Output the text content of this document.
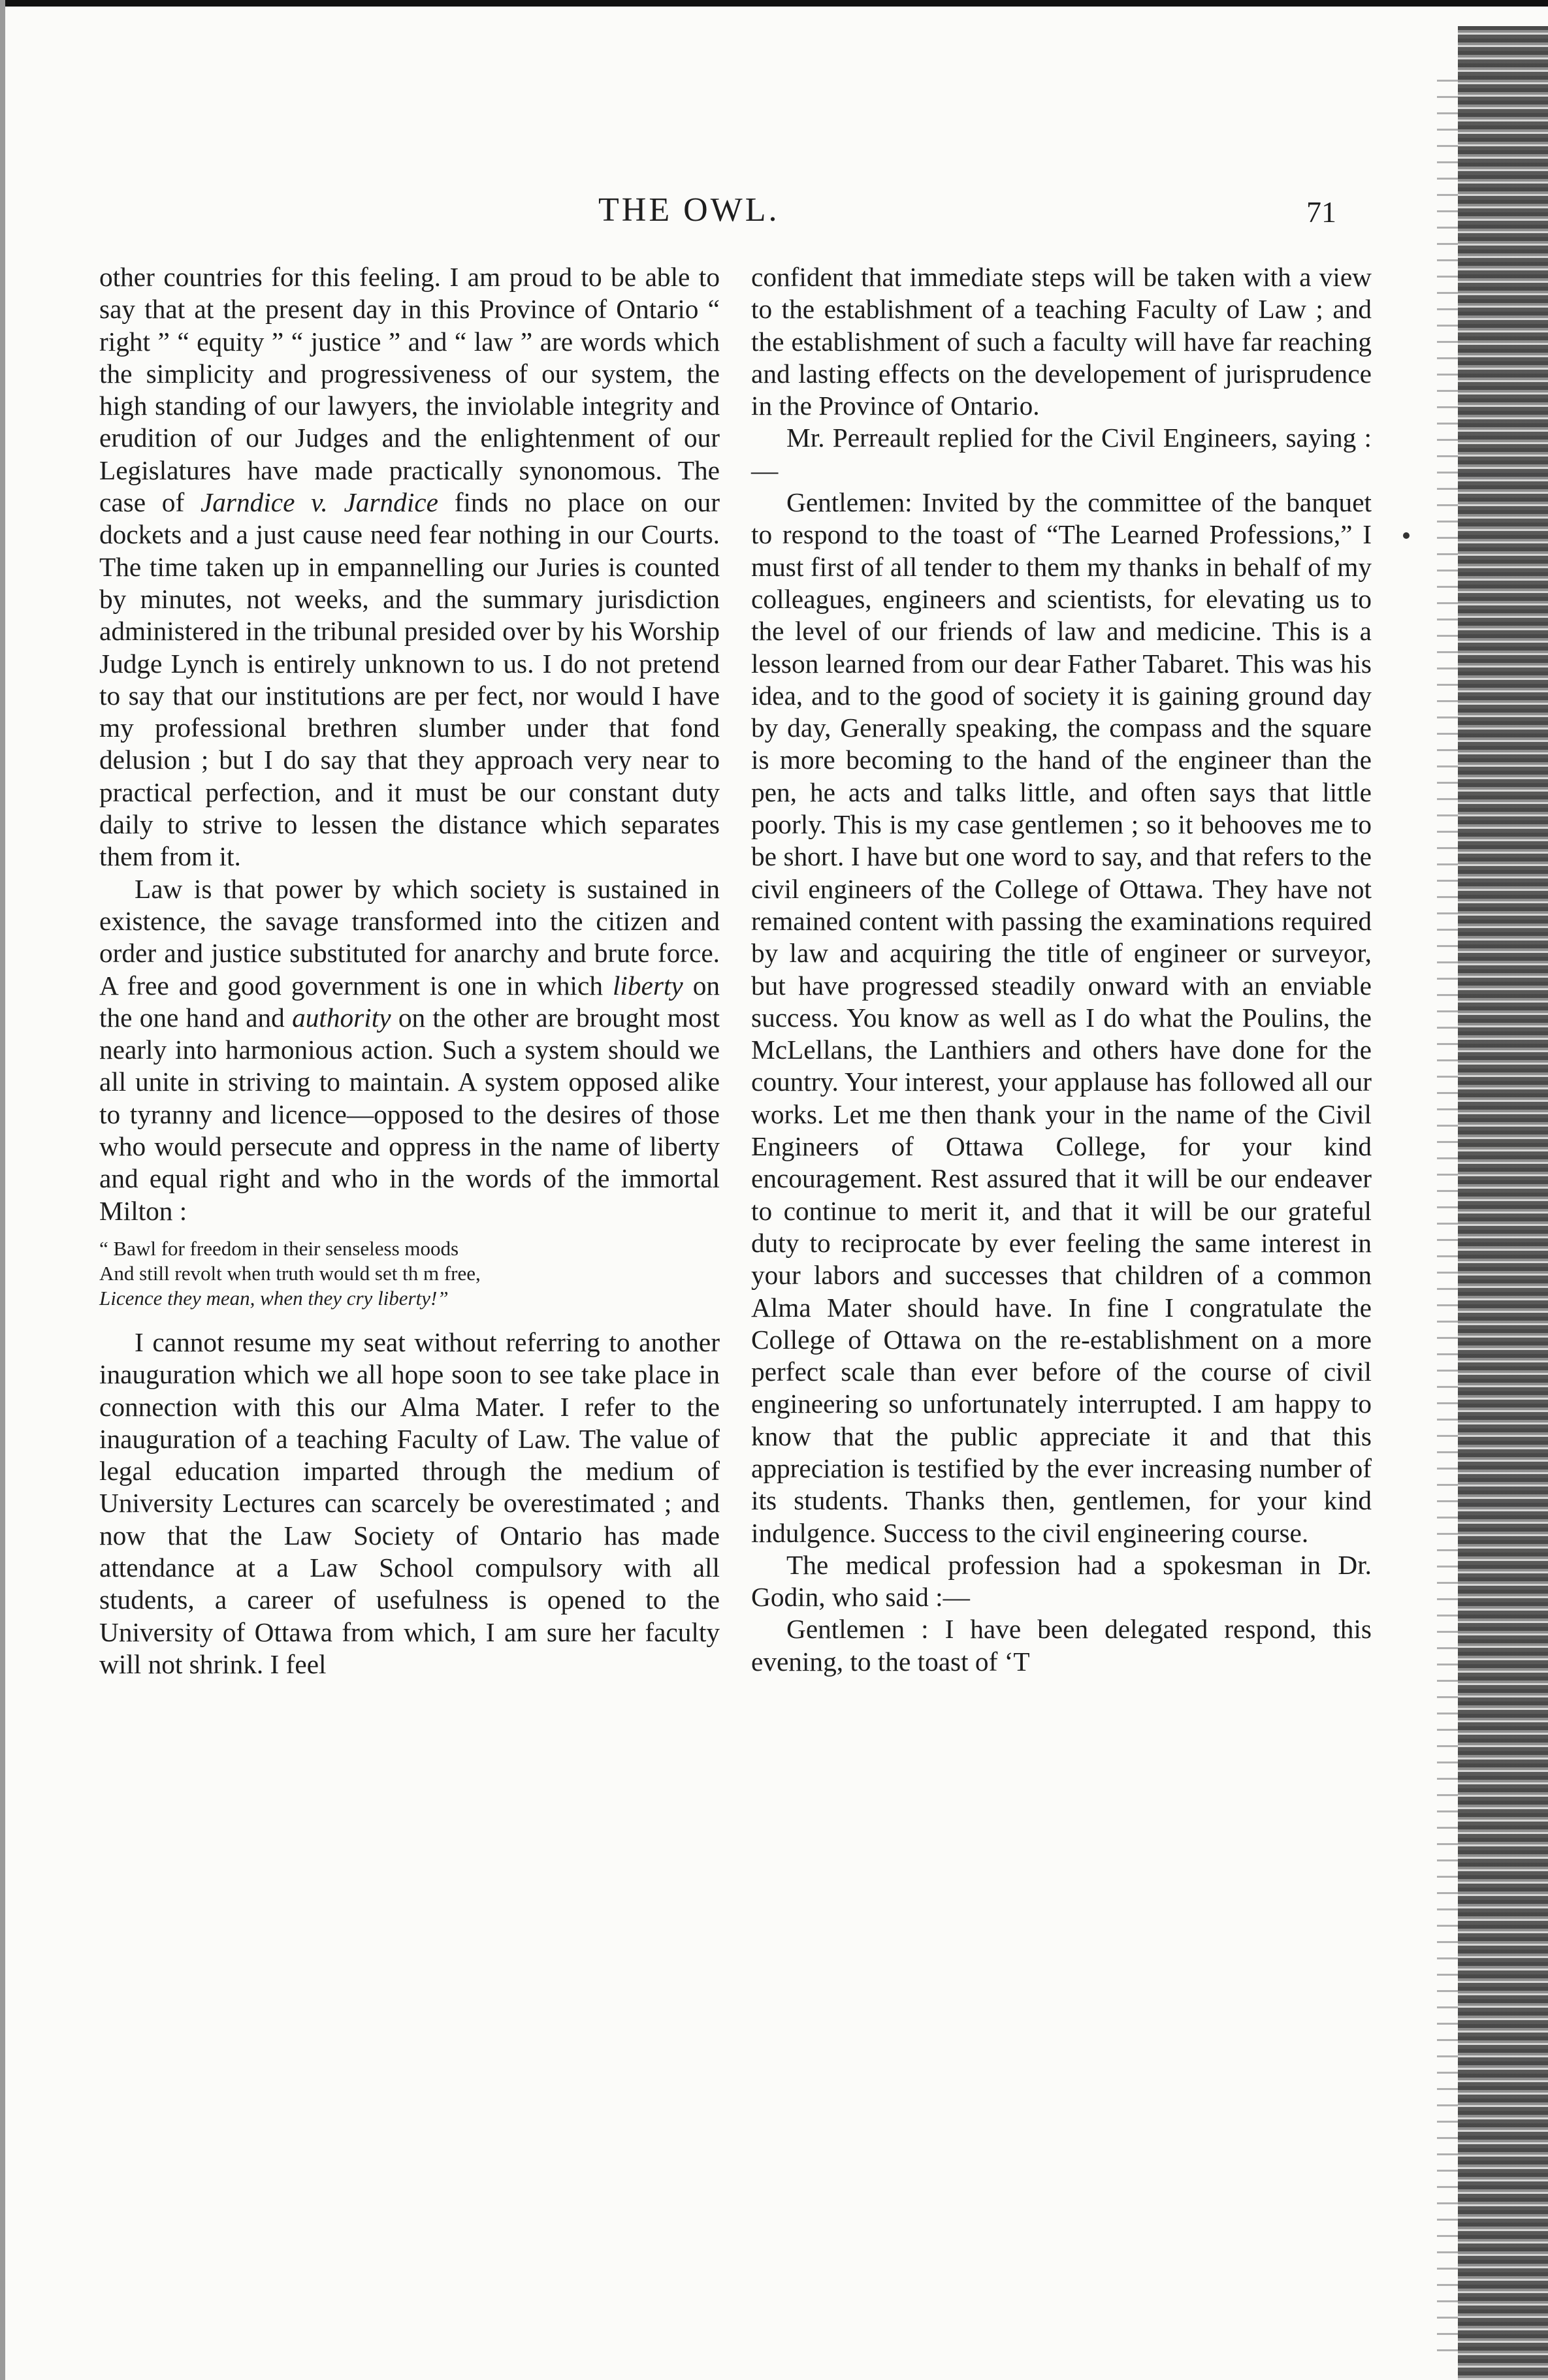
THE OWL.	71

other countries for this feeling. I am proud to be able to say that at the present day in this Province of Ontario “ right ” “ equity ” “ justice ” and “ law ” are words which the simplicity and progressiveness of our system, the high standing of our lawyers, the inviolable integrity and erudition of our Judges and the enlightenment of our Legislatures have made practically synonomous. The case of Jarndice v. Jarndice finds no place on our dockets and a just cause need fear nothing in our Courts. The time taken up in empannelling our Juries is counted by minutes, not weeks, and the summary jurisdiction administered in the tribunal presided over by his Worship Judge Lynch is entirely unknown to us. I do not pretend to say that our institutions are per fect, nor would I have my professional brethren slumber under that fond delusion ; but I do say that they approach very near to practical perfection, and it must be our constant duty daily to strive to lessen the distance which separates them from it.

Law is that power by which society is sustained in existence, the savage transformed into the citizen and order and justice substituted for anarchy and brute force. A free and good government is one in which liberty on the one hand and authority on the other are brought most nearly into harmonious action. Such a system should we all unite in striving to maintain. A system opposed alike to tyranny and licence—opposed to the desires of those who would persecute and oppress in the name of liberty and equal right and who in the words of the immortal Milton :

“ Bawl for freedom in their senseless moods
And still revolt when truth would set th m free,
Licence they mean, when they cry liberty!”

I cannot resume my seat without referring to another inauguration which we all hope soon to see take place in connection with this our Alma Mater. I refer to the inauguration of a teaching Faculty of Law. The value of legal education imparted through the medium of University Lectures can scarcely be overestimated ; and now that the Law Society of Ontario has made attendance at a Law School compulsory with all students, a career of usefulness is opened to the University of Ottawa from which, I am sure her faculty will not shrink. I feel

confident that immediate steps will be taken with a view to the establishment of a teaching Faculty of Law ; and the establishment of such a faculty will have far reaching and lasting effects on the developement of jurisprudence in the Province of Ontario.

Mr. Perreault replied for the Civil Engineers, saying :—

Gentlemen: Invited by the committee of the banquet to respond to the toast of “The Learned Professions,” I must first of all tender to them my thanks in behalf of my colleagues, engineers and scientists, for elevating us to the level of our friends of law and medicine. This is a lesson learned from our dear Father Tabaret. This was his idea, and to the good of society it is gaining ground day by day, Generally speaking, the compass and the square is more becoming to the hand of the engineer than the pen, he acts and talks little, and often says that little poorly. This is my case gentlemen ; so it behooves me to be short. I have but one word to say, and that refers to the civil engineers of the College of Ottawa. They have not remained content with passing the examinations required by law and acquiring the title of engineer or surveyor, but have progressed steadily onward with an enviable success. You know as well as I do what the Poulins, the McLellans, the Lanthiers and others have done for the country. Your interest, your applause has followed all our works. Let me then thank your in the name of the Civil Engineers of Ottawa College, for your kind encouragement. Rest assured that it will be our endeaver to continue to merit it, and that it will be our grateful duty to reciprocate by ever feeling the same interest in your labors and successes that children of a common Alma Mater should have. In fine I congratulate the College of Ottawa on the re-establishment on a more perfect scale than ever before of the course of civil engineering so unfortunately interrupted. I am happy to know that the public appreciate it and that this appreciation is testified by the ever increasing number of its students. Thanks then, gentlemen, for your kind indulgence. Success to the civil engineering course.

The medical profession had a spokesman in Dr. Godin, who said :—

Gentlemen : I have been delegated respond, this evening, to the toast of ‘T
